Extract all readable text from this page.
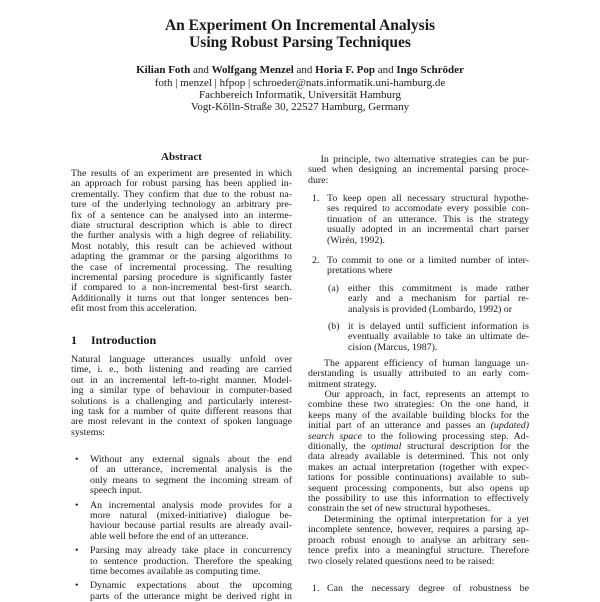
An Experiment On Incremental Analysis
Using Robust Parsing Techniques
Kilian Foth and Wolfgang Menzel and Horia F. Pop and Ingo Schröder
foth | menzel | hfpop | schroeder@nats.informatik.uni-hamburg.de
Fachbereich Informatik, Universität Hamburg
Vogt-Kölln-Straße 30, 22527 Hamburg, Germany
Abstract
1 Introduction
The results of an experiment are presented in which
an approach for robust parsing has been applied in-
crementally. They confirm that due to the robust na-
ture of the underlying technology an arbitrary pre-
fix of a sentence can be analysed into an interme-
diate structural description which is able to direct
the further analysis with a high degree of reliability.
Most notably, this result can be achieved without
adapting the grammar or the parsing algorithms to
the case of incremental processing. The resulting
incremental parsing procedure is significantly faster
if compared to a non-incremental best-first search.
Additionally it turns out that longer sentences ben-
efit most from this acceleration.
Natural language utterances usually unfold over
time, i. e., both listening and reading are carried
out in an incremental left-to-right manner. Model-
ing a similar type of behaviour in computer-based
solutions is a challenging and particularly interest-
ing task for a number of quite different reasons that
are most relevant in the context of spoken language
systems:
• Without any external signals about the end
of an utterance, incremental analysis is the
only means to segment the incoming stream of
speech input.
• An incremental analysis mode provides for a
more natural (mixed-initiative) dialogue be-
haviour because partial results are already avail-
able well before the end of an utterance.
• Parsing may already take place in concurrency
to sentence production. Therefore the speaking
time becomes available as computing time.
• Dynamic expectations about the upcoming
parts of the utterance might be derived right in
In principle, two alternative strategies can be pur-
sued when designing an incremental parsing proce-
dure:
1. To keep open all necessary structural hypothe-
ses required to accomodate every possible con-
tinuation of an utterance. This is the strategy
usually adopted in an incremental chart parser
(Wirén, 1992).
2. To commit to one or a limited number of inter-
pretations where
(a) either this commitment is made rather
early and a mechanism for partial re-
analysis is provided (Lombardo, 1992) or
(b) it is delayed until sufficient information is
eventually available to take an ultimate de-
cision (Marcus, 1987).
The apparent efficiency of human language un-
derstanding is usually attributed to an early com-
mitment strategy.
Our approach, in fact, represents an attempt to
combine these two strategies: On the one hand, it
keeps many of the available building blocks for the
initial part of an utterance and passes an (updated)
search space to the following processing step. Ad-
ditionally, the optimal structural description for the
data already available is determined. This not only
makes an actual interpretation (together with expec-
tations for possible continuations) available to sub-
sequent processing components, but also opens up
the possibility to use this information to effectively
constrain the set of new structural hypotheses.
Determining the optimal interpretation for a yet
incomplete sentence, however, requires a parsing ap-
proach robust enough to analyse an arbitrary sen-
tence prefix into a meaningful structure. Therefore
two closely related questions need to be raised:
1. Can the necessary degree of robustness be
